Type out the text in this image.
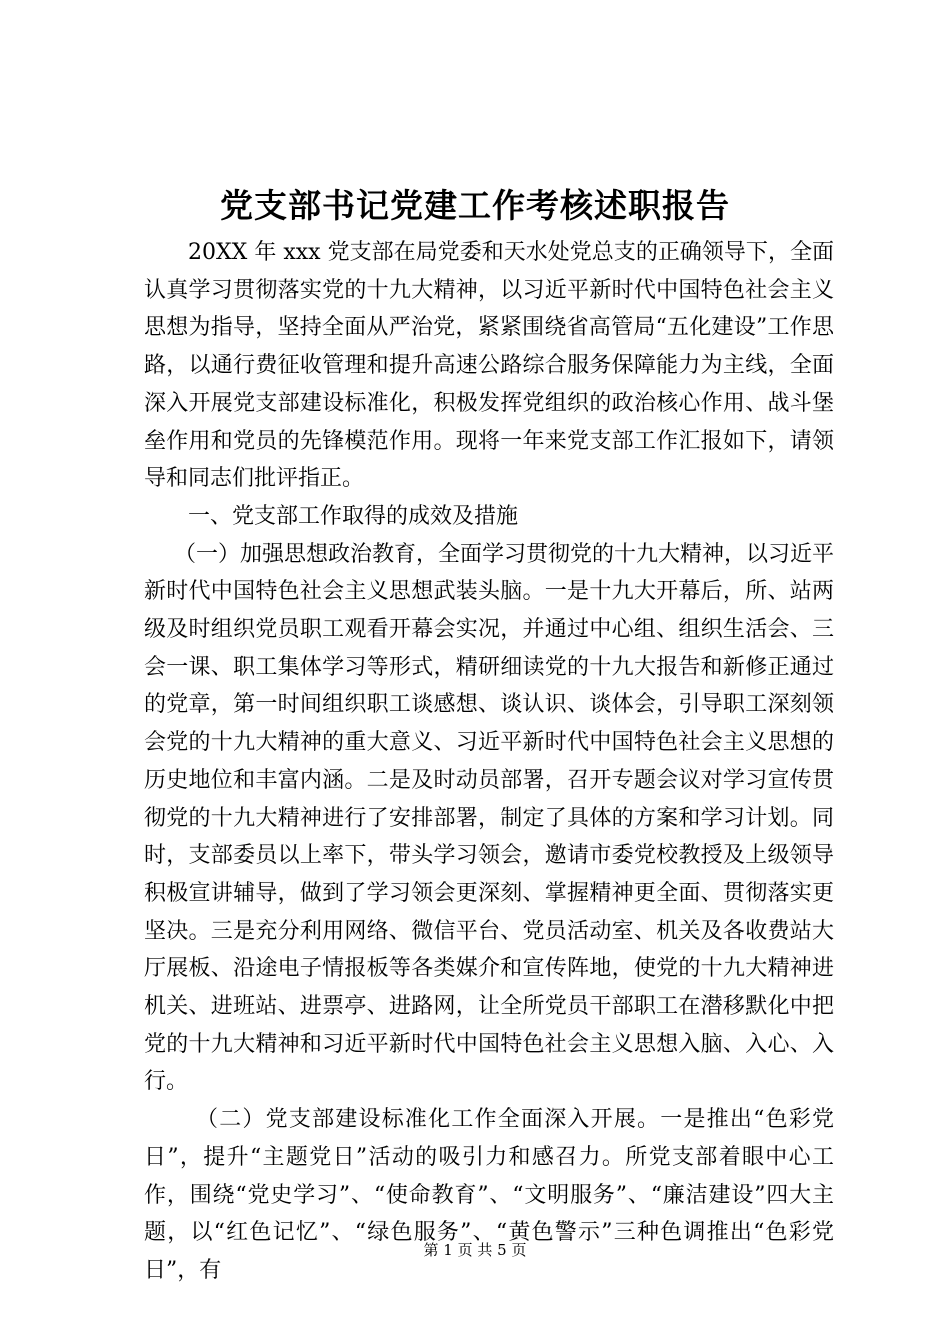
党支部书记党建工作考核述职报告

20XX 年 xxx 党支部在局党委和天水处党总支的正确领导下，全面认真学习贯彻落实党的十九大精神，以习近平新时代中国特色社会主义思想为指导，坚持全面从严治党，紧紧围绕省高管局“五化建设”工作思路，以通行费征收管理和提升高速公路综合服务保障能力为主线，全面深入开展党支部建设标准化，积极发挥党组织的政治核心作用、战斗堡垒作用和党员的先锋模范作用。现将一年来党支部工作汇报如下，请领导和同志们批评指正。

一、党支部工作取得的成效及措施

（一）加强思想政治教育，全面学习贯彻党的十九大精神，以习近平新时代中国特色社会主义思想武装头脑。一是十九大开幕后，所、站两级及时组织党员职工观看开幕会实况，并通过中心组、组织生活会、三会一课、职工集体学习等形式，精研细读党的十九大报告和新修正通过的党章，第一时间组织职工谈感想、谈认识、谈体会，引导职工深刻领会党的十九大精神的重大意义、习近平新时代中国特色社会主义思想的历史地位和丰富内涵。二是及时动员部署，召开专题会议对学习宣传贯彻党的十九大精神进行了安排部署，制定了具体的方案和学习计划。同时，支部委员以上率下，带头学习领会，邀请市委党校教授及上级领导积极宣讲辅导，做到了学习领会更深刻、掌握精神更全面、贯彻落实更坚决。三是充分利用网络、微信平台、党员活动室、机关及各收费站大厅展板、沿途电子情报板等各类媒介和宣传阵地，使党的十九大精神进机关、进班站、进票亭、进路网，让全所党员干部职工在潜移默化中把党的十九大精神和习近平新时代中国特色社会主义思想入脑、入心、入行。

（二）党支部建设标准化工作全面深入开展。一是推出“色彩党日”，提升“主题党日”活动的吸引力和感召力。所党支部着眼中心工作，围绕“党史学习”、“使命教育”、“文明服务”、“廉洁建设”四大主题，以“红色记忆”、“绿色服务”、“黄色警示”三种色调推出“色彩党日”，有

第 1 页 共 5 页
